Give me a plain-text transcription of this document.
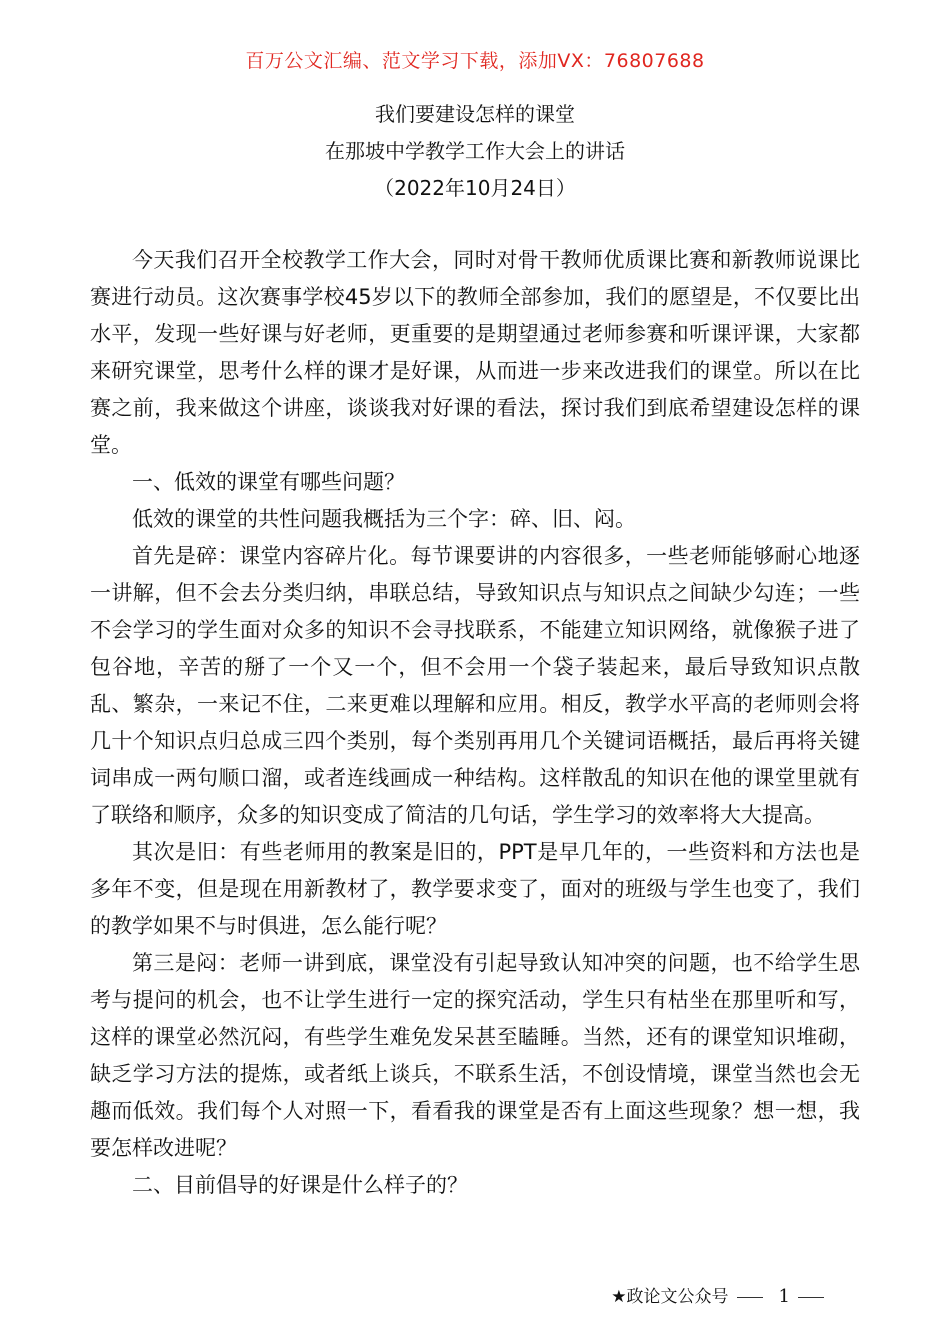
百万公文汇编、范文学习下载，添加VX：76807688
我们要建设怎样的课堂
在那坡中学教学工作大会上的讲话
（2022年10月24日）

今天我们召开全校教学工作大会，同时对骨干教师优质课比赛和新教师说课比赛进行动员。这次赛事学校45岁以下的教师全部参加，我们的愿望是，不仅要比出水平，发现一些好课与好老师，更重要的是期望通过老师参赛和听课评课，大家都来研究课堂，思考什么样的课才是好课，从而进一步来改进我们的课堂。所以在比赛之前，我来做这个讲座，谈谈我对好课的看法，探讨我们到底希望建设怎样的课堂。

一、低效的课堂有哪些问题？

低效的课堂的共性问题我概括为三个字：碎、旧、闷。

首先是碎：课堂内容碎片化。每节课要讲的内容很多，一些老师能够耐心地逐一讲解，但不会去分类归纳，串联总结，导致知识点与知识点之间缺少勾连；一些不会学习的学生面对众多的知识不会寻找联系，不能建立知识网络，就像猴子进了包谷地，辛苦的掰了一个又一个，但不会用一个袋子装起来，最后导致知识点散乱、繁杂，一来记不住，二来更难以理解和应用。相反，教学水平高的老师则会将几十个知识点归总成三四个类别，每个类别再用几个关键词语概括，最后再将关键词串成一两句顺口溜，或者连线画成一种结构。这样散乱的知识在他的课堂里就有了联络和顺序，众多的知识变成了简洁的几句话，学生学习的效率将大大提高。

其次是旧：有些老师用的教案是旧的，PPT是早几年的，一些资料和方法也是多年不变，但是现在用新教材了，教学要求变了，面对的班级与学生也变了，我们的教学如果不与时俱进，怎么能行呢？

第三是闷：老师一讲到底，课堂没有引起导致认知冲突的问题，也不给学生思考与提问的机会，也不让学生进行一定的探究活动，学生只有枯坐在那里听和写，这样的课堂必然沉闷，有些学生难免发呆甚至瞌睡。当然，还有的课堂知识堆砌，缺乏学习方法的提炼，或者纸上谈兵，不联系生活，不创设情境，课堂当然也会无趣而低效。我们每个人对照一下，看看我的课堂是否有上面这些现象？想一想，我要怎样改进呢？

二、目前倡导的好课是什么样子的？

★政论文公众号	1
